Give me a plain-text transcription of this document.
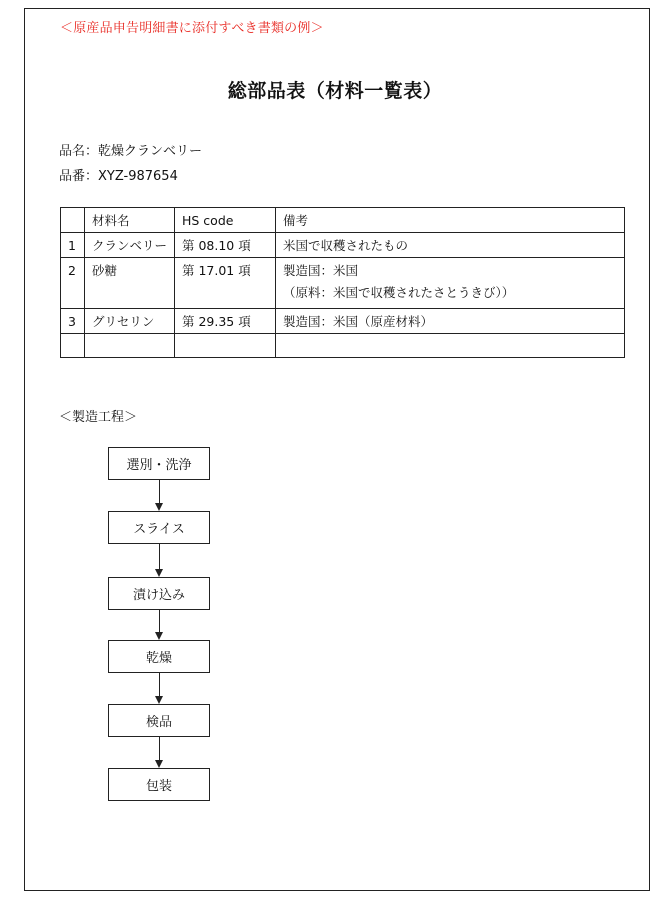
＜原産品申告明細書に添付すべき書類の例＞
総部品表（材料一覧表）
品名：乾燥クランベリー
品番：XYZ-987654
	材料名	HS code	備考
1	クランベリー	第 08.10 項	米国で収穫されたもの

2	砂糖	第 17.01 項	製造国：米国
（原料：米国で収穫されたさとうきび））

3	グリセリン	第 29.35 項	製造国：米国（原産材料）

＜製造工程＞
選別・洗浄
スライス
漬け込み
乾燥
検品
包装
